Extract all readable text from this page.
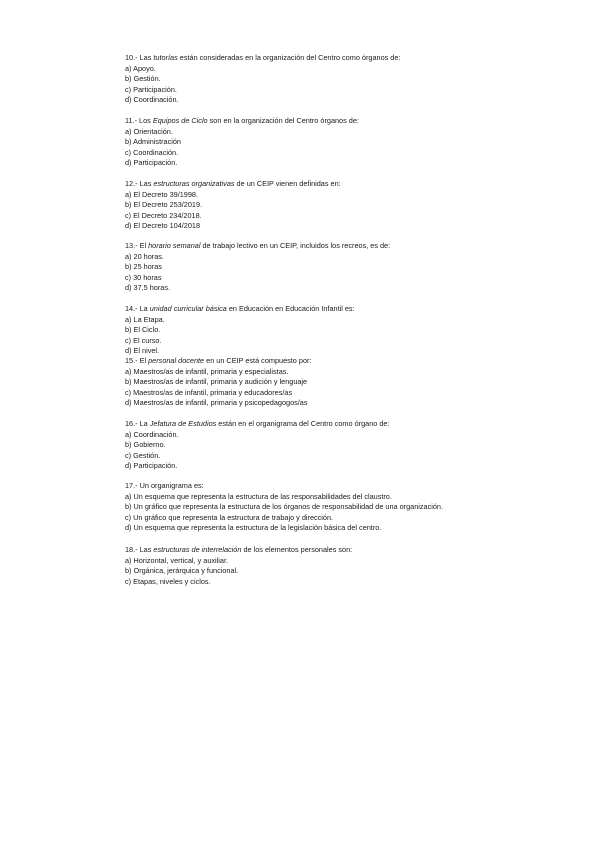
10.- Las tutorías están consideradas en la organización del Centro como órganos de:
a) Apoyo.
b) Gestión.
c) Participación.
d) Coordinación.
11.- Los Equipos de Ciclo son en la organización del Centro órganos de:
a) Orientación.
b) Administración
c) Coordinación.
d) Participación.
12.- Las estructuras organizativas de un CEIP vienen definidas en:
a) El Decreto 39/1998.
b) El Decreto 253/2019.
c) El Decreto 234/2018.
d) El Decreto 104/2018
13.- El horario semanal de trabajo lectivo en un CEIP, incluidos los recreos, es de:
a) 20 horas.
b) 25 horas
c) 30 horas
d) 37,5 horas.
14.- La unidad curricular básica en Educación en Educación Infantil es:
a) La Etapa.
b) El Ciclo.
c) El curso.
d) El nivel.
15.- El personal docente en un CEIP está compuesto por:
a) Maestros/as de infantil, primaria y especialistas.
b) Maestros/as de infantil, primaria y audición y lenguaje
c) Maestros/as de infantil, primaria y educadores/as
d) Maestros/as de infantil, primaria y psicopedagogos/as
16.- La Jefatura de Estudios están en el organigrama del Centro como órgano de:
a) Coordinación.
b) Gobierno.
c) Gestión.
d) Participación.
17.- Un organigrama es:
a) Un esquema que representa la estructura de las responsabilidades del claustro.
b) Un gráfico que representa la estructura de los órganos de responsabilidad de una organización.
c) Un gráfico que representa la estructura de trabajo y dirección.
d) Un esquema que representa la estructura de la legislación básica del centro.
18.- Las estructuras de interrelación de los elementos personales son:
a) Horizontal, vertical, y auxiliar.
b) Orgánica, jerárquica y funcional.
c) Etapas, niveles y ciclos.
